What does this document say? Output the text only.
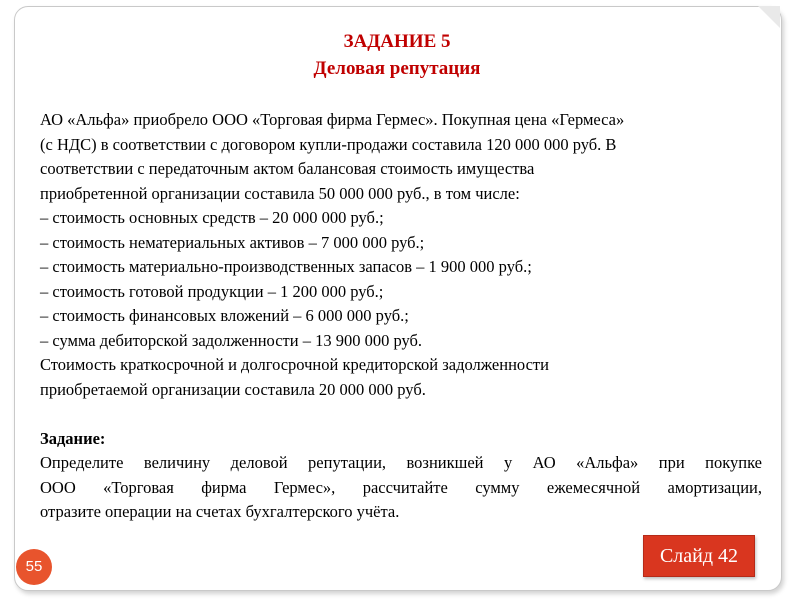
ЗАДАНИЕ 5
Деловая репутация
АО «Альфа» приобрело ООО «Торговая фирма Гермес». Покупная цена «Гермеса»
(с НДС) в соответствии с договором купли-продажи составила 120 000 000 руб. В
соответствии с передаточным актом балансовая стоимость имущества
приобретенной организации составила 50 000 000 руб., в том числе:
– стоимость основных средств – 20 000 000 руб.;
– стоимость нематериальных активов – 7 000 000 руб.;
– стоимость материально-производственных запасов – 1 900 000 руб.;
– стоимость готовой продукции – 1 200 000 руб.;
– стоимость финансовых вложений – 6 000 000 руб.;
– сумма дебиторской задолженности – 13 900 000 руб.
Стоимость краткосрочной и долгосрочной кредиторской задолженности
приобретаемой организации составила 20 000 000 руб.
Задание:
Определите величину деловой репутации, возникшей у АО «Альфа» при покупке
ООО «Торговая фирма Гермес», рассчитайте сумму ежемесячной амортизации,
отразите операции на счетах бухгалтерского учёта.
55	Слайд 42
